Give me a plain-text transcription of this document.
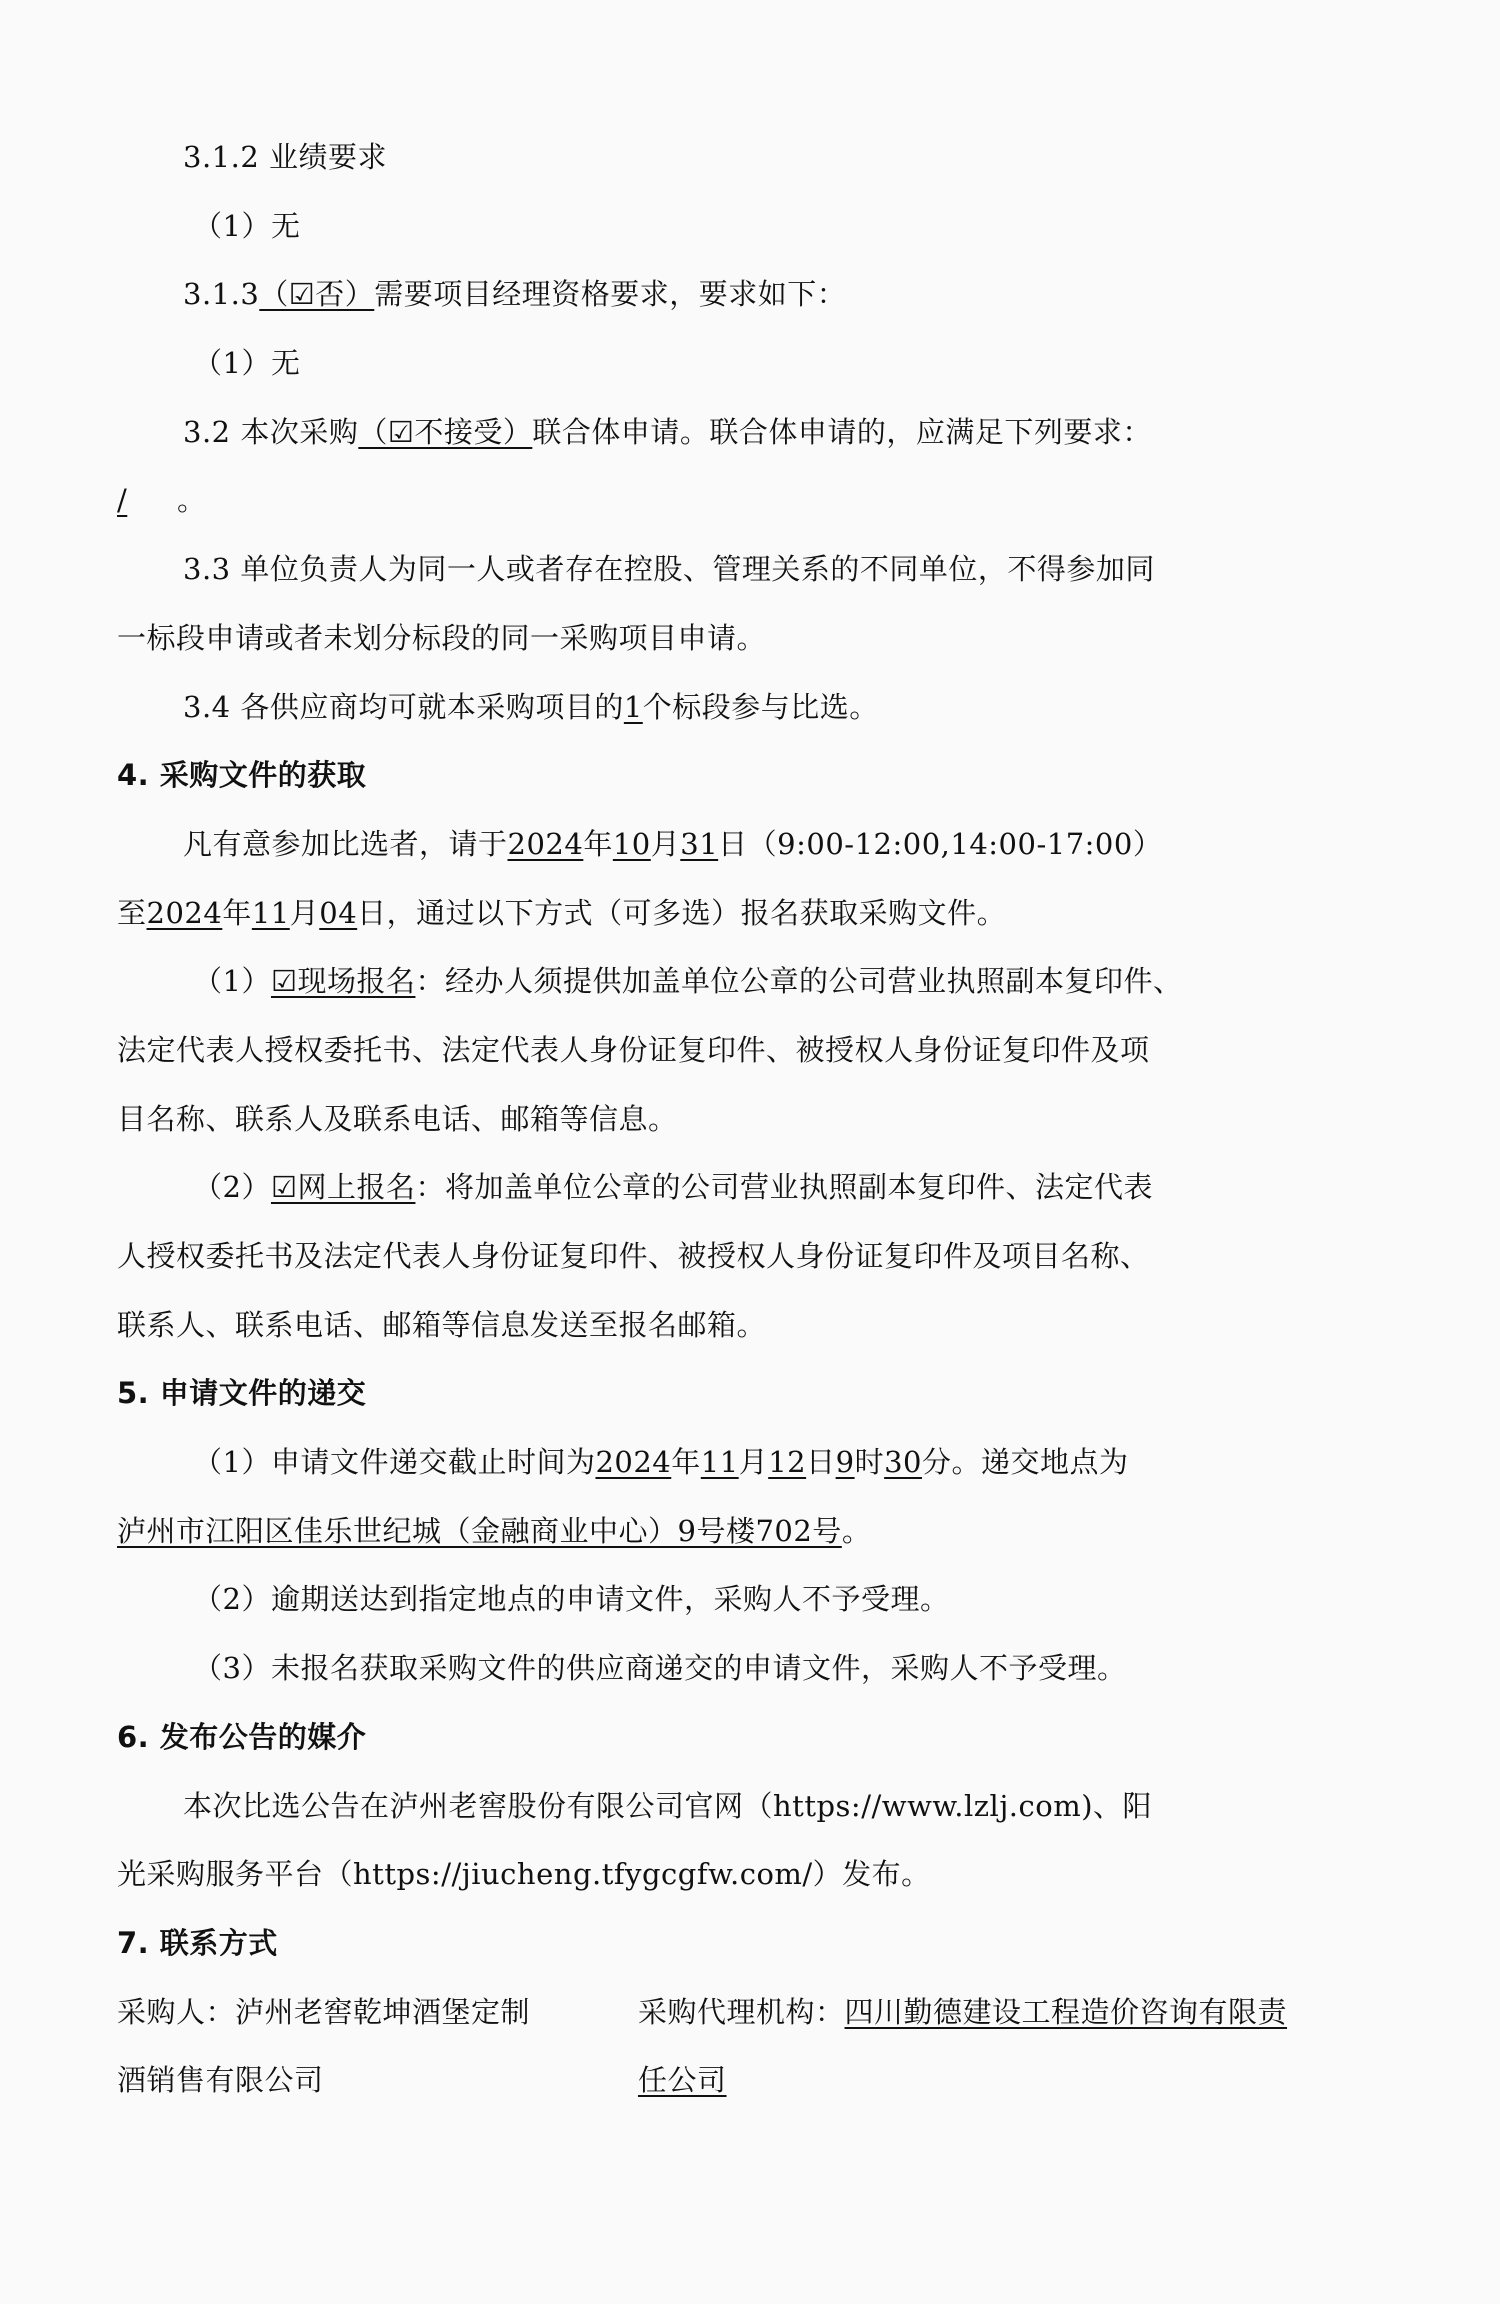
3.1.2 业绩要求
（1）无
3.1.3（☑否）需要项目经理资格要求，要求如下：
（1）无
3.2 本次采购（☑不接受）联合体申请。联合体申请的，应满足下列要求：
/ 。
3.3 单位负责人为同一人或者存在控股、管理关系的不同单位，不得参加同
一标段申请或者未划分标段的同一采购项目申请。
3.4 各供应商均可就本采购项目的1个标段参与比选。
4. 采购文件的获取
凡有意参加比选者，请于2024年10月31日（9:00-12:00,14:00-17:00）
至2024年11月04日，通过以下方式（可多选）报名获取采购文件。
（1）☑现场报名：经办人须提供加盖单位公章的公司营业执照副本复印件、
法定代表人授权委托书、法定代表人身份证复印件、被授权人身份证复印件及项
目名称、联系人及联系电话、邮箱等信息。
（2）☑网上报名：将加盖单位公章的公司营业执照副本复印件、法定代表
人授权委托书及法定代表人身份证复印件、被授权人身份证复印件及项目名称、
联系人、联系电话、邮箱等信息发送至报名邮箱。
5. 申请文件的递交
（1）申请文件递交截止时间为2024年11月12日9时30分。递交地点为
泸州市江阳区佳乐世纪城（金融商业中心）9号楼702号。
（2）逾期送达到指定地点的申请文件，采购人不予受理。
（3）未报名获取采购文件的供应商递交的申请文件，采购人不予受理。
6. 发布公告的媒介
本次比选公告在泸州老窖股份有限公司官网（https://www.lzlj.com)、阳
光采购服务平台（https://jiucheng.tfygcgfw.com/）发布。
7. 联系方式
采购人：泸州老窖乾坤酒堡定制	采购代理机构：四川勤德建设工程造价咨询有限责
酒销售有限公司	任公司
